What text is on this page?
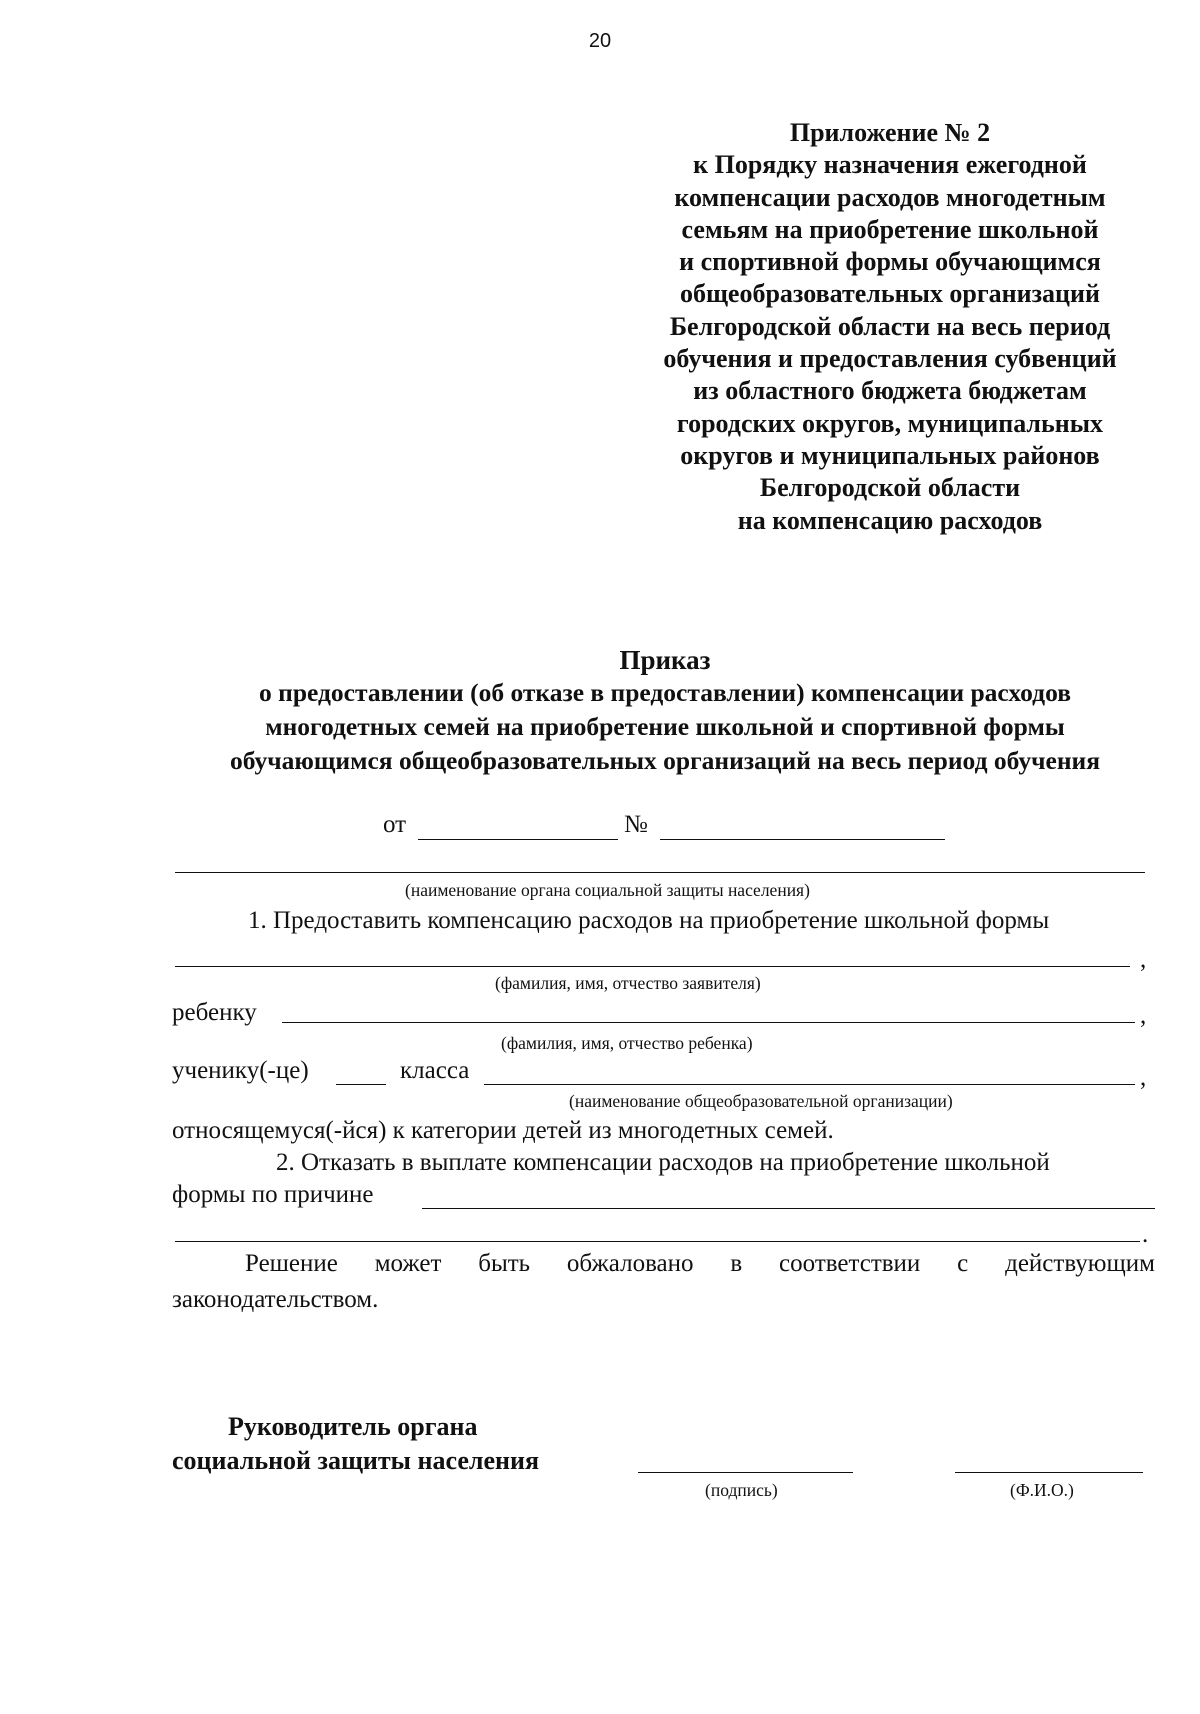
20
Приложение № 2
к Порядку назначения ежегодной
компенсации расходов многодетным
семьям на приобретение школьной
и спортивной формы обучающимся
общеобразовательных организаций
Белгородской области на весь период
обучения и предоставления субвенций
из областного бюджета бюджетам
городских округов, муниципальных
округов и муниципальных районов
Белгородской области
на компенсацию расходов
Приказ
о предоставлении (об отказе в предоставлении) компенсации расходов
многодетных семей на приобретение школьной и спортивной формы
обучающимся общеобразовательных организаций на весь период обучения
от	№
(наименование органа социальной защиты населения)
1. Предоставить компенсацию расходов на приобретение школьной формы
,
(фамилия, имя, отчество заявителя)
ребенку	,
(фамилия, имя, отчество ребенка)
ученику(-це)	класса	,
(наименование общеобразовательной организации)
относящемуся(-йся) к категории детей из многодетных семей.
2. Отказать в выплате компенсации расходов на приобретение школьной
формы по причине
.
Решение может быть обжаловано в соответствии с действующим
законодательством.
Руководитель органа
социальной защиты населения
(подпись)	(Ф.И.О.)
